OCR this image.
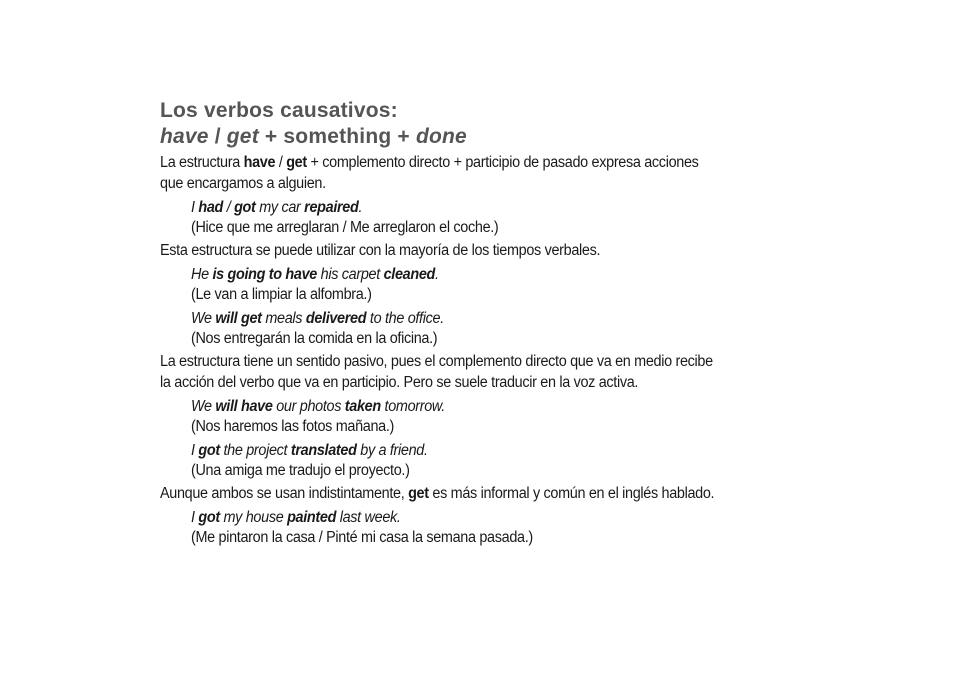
Los verbos causativos:
have / get + something + done
La estructura have / get + complemento directo + participio de pasado expresa acciones
que encargamos a alguien.
I had / got my car repaired.
(Hice que me arreglaran / Me arreglaron el coche.)
Esta estructura se puede utilizar con la mayoría de los tiempos verbales.
He is going to have his carpet cleaned.
(Le van a limpiar la alfombra.)
We will get meals delivered to the office.
(Nos entregarán la comida en la oficina.)
La estructura tiene un sentido pasivo, pues el complemento directo que va en medio recibe
la acción del verbo que va en participio. Pero se suele traducir en la voz activa.
We will have our photos taken tomorrow.
(Nos haremos las fotos mañana.)
I got the project translated by a friend.
(Una amiga me tradujo el proyecto.)
Aunque ambos se usan indistintamente, get es más informal y común en el inglés hablado.
I got my house painted last week.
(Me pintaron la casa / Pinté mi casa la semana pasada.)
